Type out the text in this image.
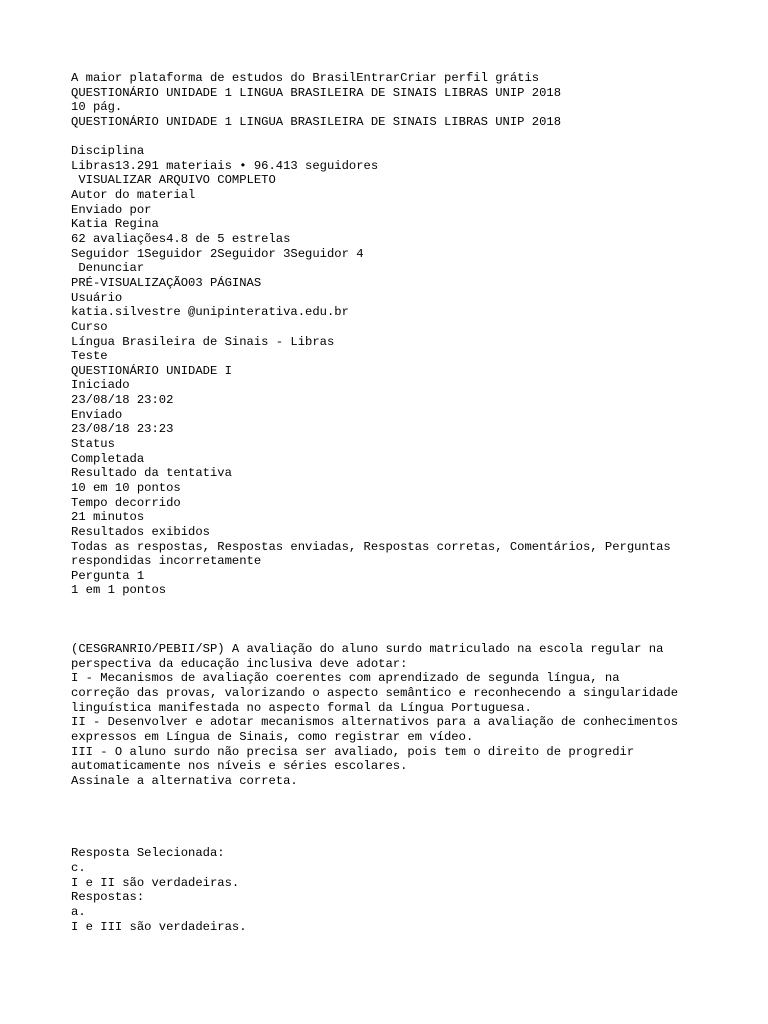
A maior plataforma de estudos do BrasilEntrarCriar perfil grátis
QUESTIONÁRIO UNIDADE 1 LINGUA BRASILEIRA DE SINAIS LIBRAS UNIP 2018
10 pág.
QUESTIONÁRIO UNIDADE 1 LINGUA BRASILEIRA DE SINAIS LIBRAS UNIP 2018
Disciplina
Libras13.291 materiais • 96.413 seguidores
VISUALIZAR ARQUIVO COMPLETO
Autor do material
Enviado por
Katia Regina
62 avaliações4.8 de 5 estrelas
Seguidor 1Seguidor 2Seguidor 3Seguidor 4
Denunciar
PRÉ-VISUALIZAÇÃO03 PÁGINAS
Usuário
katia.silvestre @unipinterativa.edu.br
Curso
Língua Brasileira de Sinais - Libras
Teste
QUESTIONÁRIO UNIDADE I
Iniciado
23/08/18 23:02
Enviado
23/08/18 23:23
Status
Completada
Resultado da tentativa
10 em 10 pontos
Tempo decorrido
21 minutos
Resultados exibidos
Todas as respostas, Respostas enviadas, Respostas corretas, Comentários, Perguntas
respondidas incorretamente
Pergunta 1
1 em 1 pontos
(CESGRANRIO/PEBII/SP) A avaliação do aluno surdo matriculado na escola regular na
perspectiva da educação inclusiva deve adotar:
I - Mecanismos de avaliação coerentes com aprendizado de segunda língua, na
correção das provas, valorizando o aspecto semântico e reconhecendo a singularidade
linguística manifestada no aspecto formal da Língua Portuguesa.
II - Desenvolver e adotar mecanismos alternativos para a avaliação de conhecimentos
expressos em Língua de Sinais, como registrar em vídeo.
III - O aluno surdo não precisa ser avaliado, pois tem o direito de progredir
automaticamente nos níveis e séries escolares.
Assinale a alternativa correta.
Resposta Selecionada:
c.
I e II são verdadeiras.
Respostas:
a.
I e III são verdadeiras.
